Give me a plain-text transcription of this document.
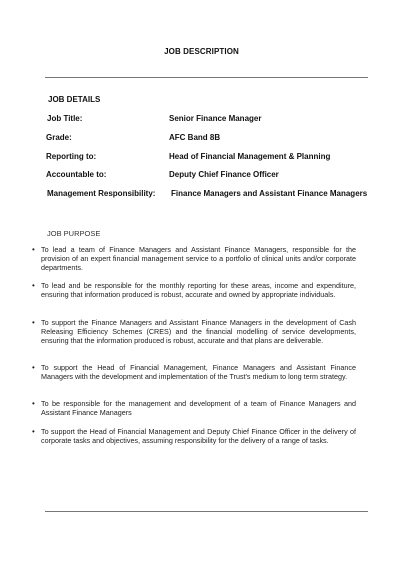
JOB DESCRIPTION
JOB DETAILS
Job Title:	Senior Finance Manager
Grade:	AFC Band 8B
Reporting to:	Head of Financial Management & Planning
Accountable to:	Deputy Chief Finance Officer
Management Responsibility: Finance Managers and Assistant Finance Managers
JOB PURPOSE
• To lead a team of Finance Managers and Assistant Finance Managers, responsible for the provision of an expert financial management service to a portfolio of clinical units and/or corporate departments.
• To lead and be responsible for the monthly reporting for these areas, income and expenditure, ensuring that information produced is robust, accurate and owned by appropriate individuals.
• To support the Finance Managers and Assistant Finance Managers in the development of Cash Releasing Efficiency Schemes (CRES) and the financial modelling of service developments, ensuring that the information produced is robust, accurate and that plans are deliverable.
• To support the Head of Financial Management, Finance Managers and Assistant Finance Managers with the development and implementation of the Trust's medium to long term strategy.
• To be responsible for the management and development of a team of Finance Managers and Assistant Finance Managers
• To support the Head of Financial Management and Deputy Chief Finance Officer in the delivery of corporate tasks and objectives, assuming responsibility for the delivery of a range of tasks.
